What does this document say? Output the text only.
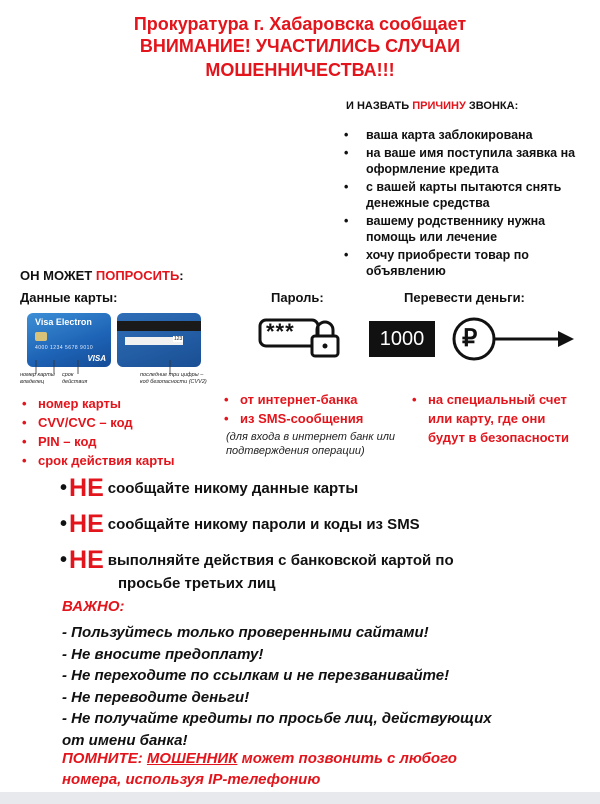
Прокуратура г. Хабаровска сообщает
ВНИМАНИЕ! УЧАСТИЛИСЬ СЛУЧАИ
МОШЕННИЧЕСТВА!!!
И НАЗВАТЬ ПРИЧИНУ ЗВОНКА:
• ваша карта заблокирована
• на ваше имя поступила заявка на оформление кредита
• с вашей карты пытаются снять денежные средства
• вашему родственнику нужна помощь или лечение
• хочу приобрести товар по объявлению
ОН МОЖЕТ ПОПРОСИТЬ:
Данные карты:
Visa Electron
4000 1234 5678 9010
VISA
123
номер карты владелец
срок действия
последние три цифры – код безопасности (CVV2)
• номер карты
• CVV/CVC – код
• PIN – код
• срок действия карты
Пароль:
***
• от интернет-банка
• из SMS-сообщения
(для входа в интернет банк или подтверждения операции)
Перевести деньги:
1000	₽
• на специальный счет или карту, где они будут в безопасности
•НЕ сообщайте никому данные карты
•НЕ сообщайте никому пароли и коды из SMS
•НЕ выполняйте действия с банковской картой по
просьбе третьих лиц
ВАЖНО:
- Пользуйтесь только проверенными сайтами!
- Не вносите предоплату!
- Не переходите по ссылкам и не перезванивайте!
- Не переводите деньги!
- Не получайте кредиты по просьбе лиц, действующих
от имени банка!
ПОМНИТЕ: МОШЕННИК может позвонить с любого
номера, используя IP-телефонию
